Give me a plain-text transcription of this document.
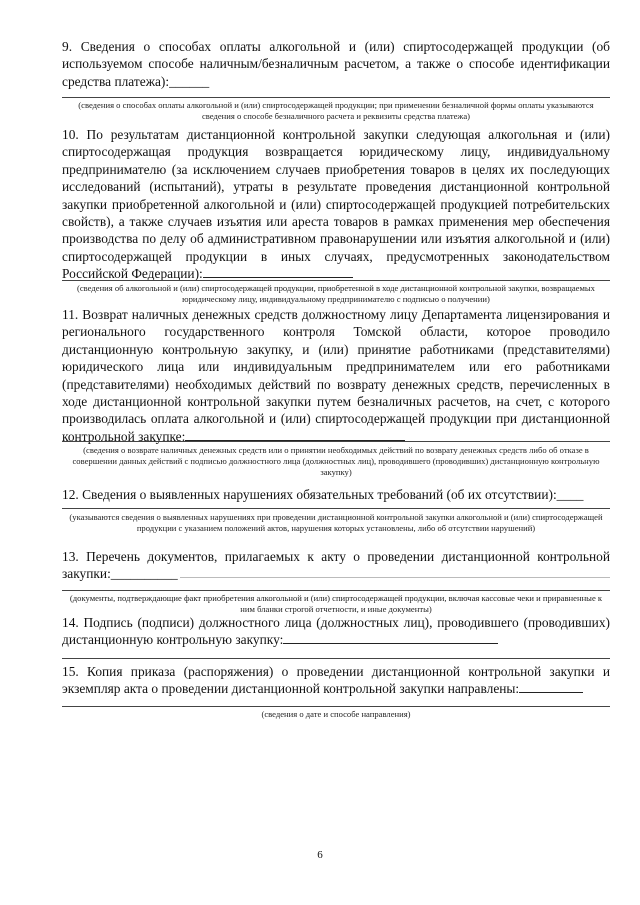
9. Сведения о способах оплаты алкогольной и (или) спиртосодержащей продукции (об используемом способе наличным/безналичным расчетом, а также о способе идентификации средства платежа):______
(сведения о способах оплаты алкогольной и (или) спиртосодержащей продукции; при применении безналичной формы оплаты указываются сведения о способе безналичного расчета и реквизиты средства платежа)
10. По результатам дистанционной контрольной закупки следующая алкогольная и (или) спиртосодержащая продукция возвращается юридическому лицу, индивидуальному предпринимателю (за исключением случаев приобретения товаров в целях их последующих исследований (испытаний), утраты в результате проведения дистанционной контрольной закупки приобретенной алкогольной и (или) спиртосодержащей продукцией потребительских свойств), а также случаев изъятия или ареста товаров в рамках применения мер обеспечения производства по делу об административном правонарушении или изъятия алкогольной и (или) спиртосодержащей продукции в иных случаях, предусмотренных законодательством Российской Федерации):
(сведения об алкогольной и (или) спиртосодержащей продукции, приобретенной в ходе дистанционной контрольной закупки, возвращаемых юридическому лицу, индивидуальному предпринимателю с подписью о получении)
11. Возврат наличных денежных средств должностному лицу Департамента лицензирования и регионального государственного контроля Томской области, которое проводило дистанционную контрольную закупку, и (или) принятие работниками (представителями) юридического лица или индивидуальным предпринимателем или его работниками (представителями) необходимых действий по возврату денежных средств, перечисленных в ходе дистанционной контрольной закупки путем безналичных расчетов, на счет, с которого производилась оплата алкогольной и (или) спиртосодержащей продукции при дистанционной контрольной закупке:
(сведения о возврате наличных денежных средств или о принятии необходимых действий по возврату денежных средств либо об отказе в совершении данных действий с подписью должностного лица (должностных лиц), проводившего (проводивших) дистанционную контрольную закупку)
12. Сведения о выявленных нарушениях обязательных требований (об их отсутствии):____
(указываются сведения о выявленных нарушениях при проведении дистанционной контрольной закупки алкогольной и (или) спиртосодержащей продукции с указанием положений актов, нарушения которых установлены, либо об отсутствии нарушений)
13. Перечень документов, прилагаемых к акту о проведении дистанционной контрольной закупки:__________
(документы, подтверждающие факт приобретения алкогольной и (или) спиртосодержащей продукции, включая кассовые чеки и приравненные к ним бланки строгой отчетности, и иные документы)
14. Подпись (подписи) должностного лица (должностных лиц), проводившего (проводивших) дистанционную контрольную закупку:
15. Копия приказа (распоряжения) о проведении дистанционной контрольной закупки и экземпляр акта о проведении дистанционной контрольной закупки направлены:
(сведения о дате и способе направления)
6
